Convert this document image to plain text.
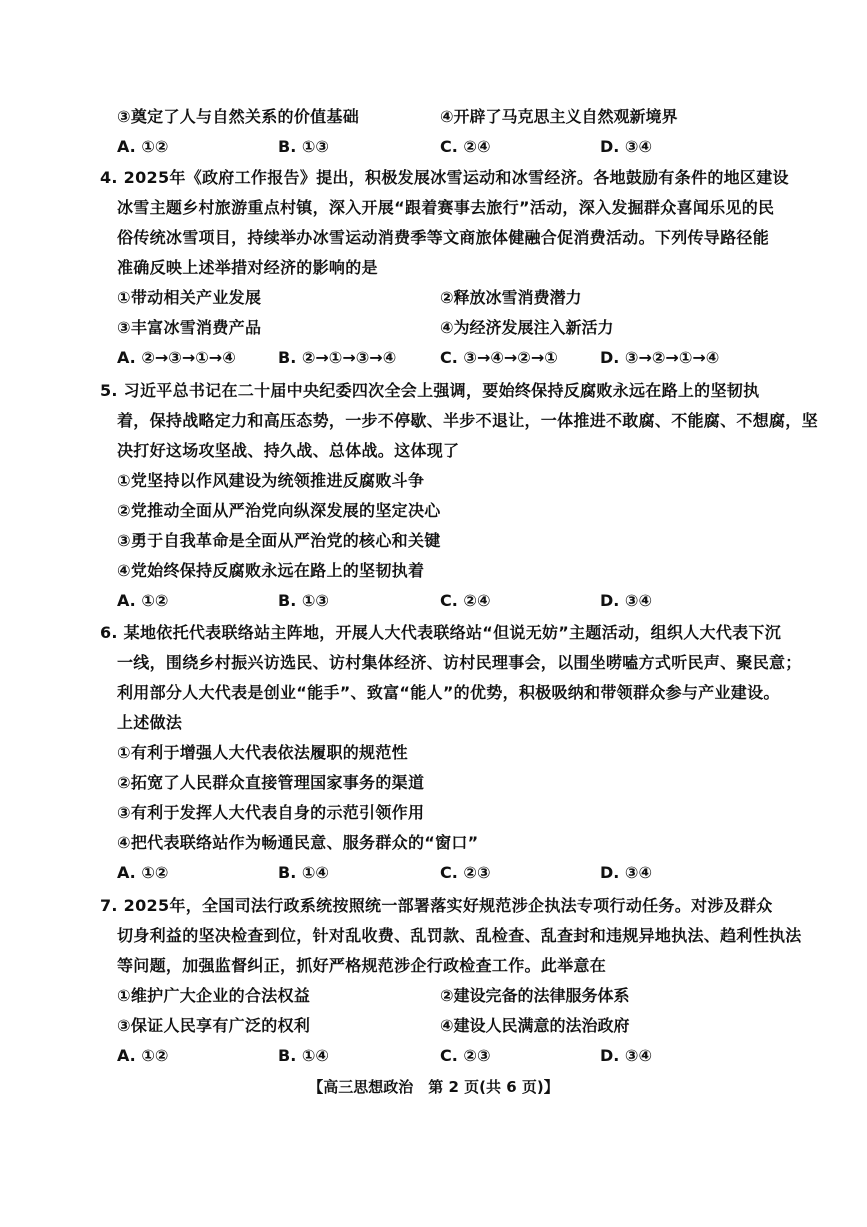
③奠定了人与自然关系的价值基础	④开辟了马克思主义自然观新境界
A. ①②	B. ①③	C. ②④	D. ③④
4. 2025年《政府工作报告》提出，积极发展冰雪运动和冰雪经济。各地鼓励有条件的地区建设
冰雪主题乡村旅游重点村镇，深入开展“跟着赛事去旅行”活动，深入发掘群众喜闻乐见的民
俗传统冰雪项目，持续举办冰雪运动消费季等文商旅体健融合促消费活动。下列传导路径能
准确反映上述举措对经济的影响的是
①带动相关产业发展	②释放冰雪消费潜力
③丰富冰雪消费产品	④为经济发展注入新活力
A. ②→③→①→④	B. ②→①→③→④	C. ③→④→②→①	D. ③→②→①→④
5. 习近平总书记在二十届中央纪委四次全会上强调，要始终保持反腐败永远在路上的坚韧执
着，保持战略定力和高压态势，一步不停歇、半步不退让，一体推进不敢腐、不能腐、不想腐，坚
决打好这场攻坚战、持久战、总体战。这体现了
①党坚持以作风建设为统领推进反腐败斗争
②党推动全面从严治党向纵深发展的坚定决心
③勇于自我革命是全面从严治党的核心和关键
④党始终保持反腐败永远在路上的坚韧执着
A. ①②	B. ①③	C. ②④	D. ③④
6. 某地依托代表联络站主阵地，开展人大代表联络站“但说无妨”主题活动，组织人大代表下沉
一线，围绕乡村振兴访选民、访村集体经济、访村民理事会，以围坐唠嗑方式听民声、聚民意；
利用部分人大代表是创业“能手”、致富“能人”的优势，积极吸纳和带领群众参与产业建设。
上述做法
①有利于增强人大代表依法履职的规范性
②拓宽了人民群众直接管理国家事务的渠道
③有利于发挥人大代表自身的示范引领作用
④把代表联络站作为畅通民意、服务群众的“窗口”
A. ①②	B. ①④	C. ②③	D. ③④
7. 2025年，全国司法行政系统按照统一部署落实好规范涉企执法专项行动任务。对涉及群众
切身利益的坚决检查到位，针对乱收费、乱罚款、乱检查、乱查封和违规异地执法、趋利性执法
等问题，加强监督纠正，抓好严格规范涉企行政检查工作。此举意在
①维护广大企业的合法权益	②建设完备的法律服务体系
③保证人民享有广泛的权利	④建设人民满意的法治政府
A. ①②	B. ①④	C. ②③	D. ③④
【高三思想政治　第 2 页(共 6 页)】
